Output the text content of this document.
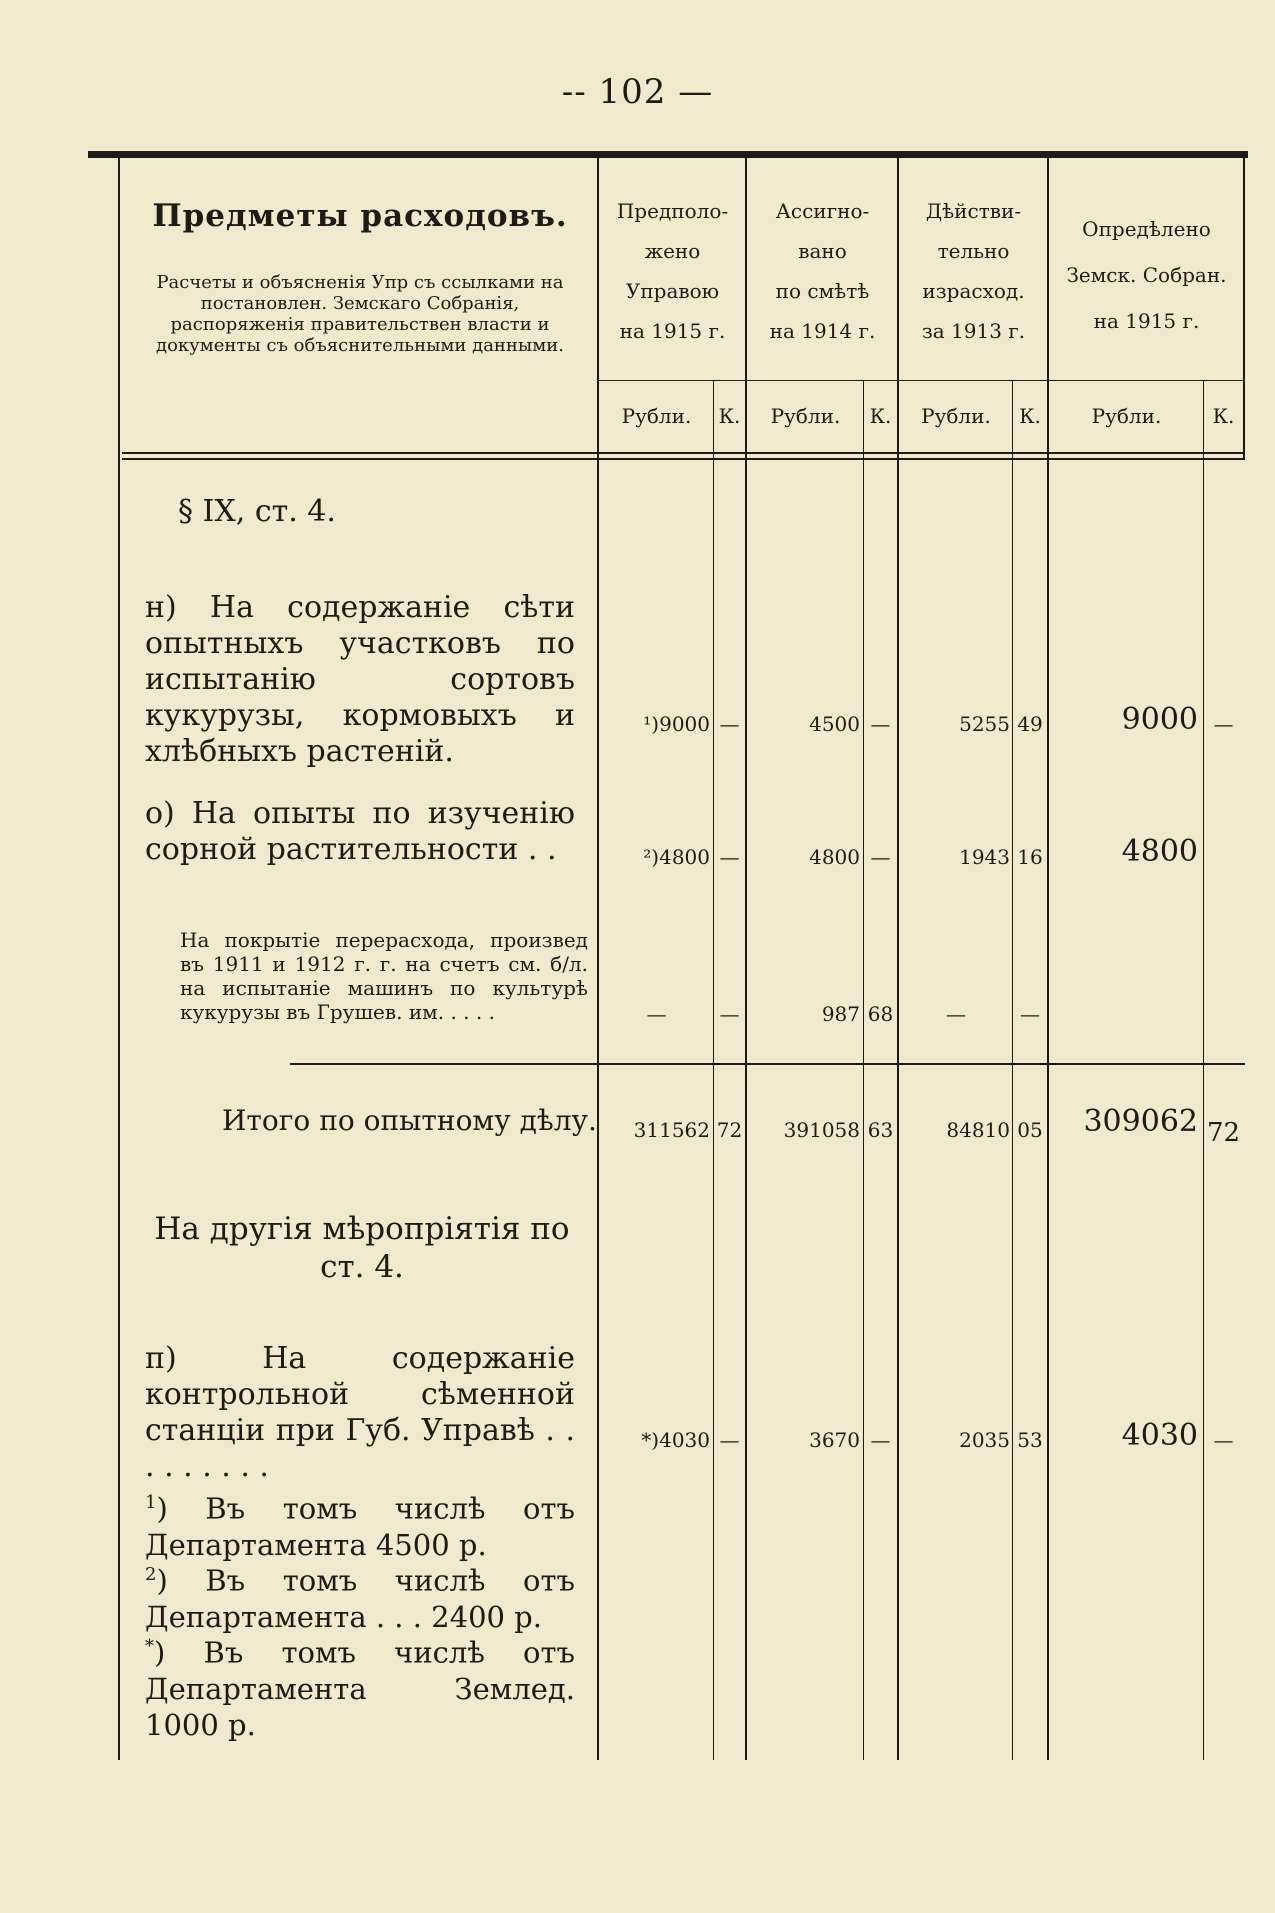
-- 102 —
Предметы расходовъ.
Расчеты и объясненія Упр съ ссылками на постановлен. Земскаго Собранія, распоряженія правительствен власти и документы съ объяснительными данными.
Предполо-
жено
Управою
на 1915 г.
Ассигно-
вано
по смѣтѣ
на 1914 г.
Дѣйстви-
тельно
израсход.
за 1913 г.
Опредѣлено
Земск. Собран.
на 1915 г.
Рубли.	К.	Рубли.	К.	Рубли.	К.	Рубли.	К.
§ IX, ст. 4.
н) На содержаніе сѣти опытныхъ участковъ по испытанію сортовъ кукурузы, кормовыхъ и хлѣбныхъ растеній.
¹)9000 —	4500 —	5255 49	9000 —
о) На опыты по изученію сорной растительности . .	²)4800 —	4800 —	1943 16	4800
На покрытіе перерасхода, произвед въ 1911 и 1912 г. г. на счетъ см. б/л. на испытаніе машинъ по культурѣ кукурузы въ Грушев. им. . . . .	—	—	987 68	—	—
Итого по опытному дѣлу.	311562 72	391058 63	84810 05	309062 72
На другія мѣропріятія по ст. 4.
п) На содержаніе контрольной сѣменной станціи при Губ. Управѣ . . . . . . . . .
*)4030 —	3670 —	2035 53	4030 —
$^1$) Въ томъ числѣ отъ Департамента 4500 р.
$^2$) Въ томъ числѣ отъ Департамента . . . 2400 р.
*) Въ томъ числѣ отъ Департамента Землед. 1000 р.
